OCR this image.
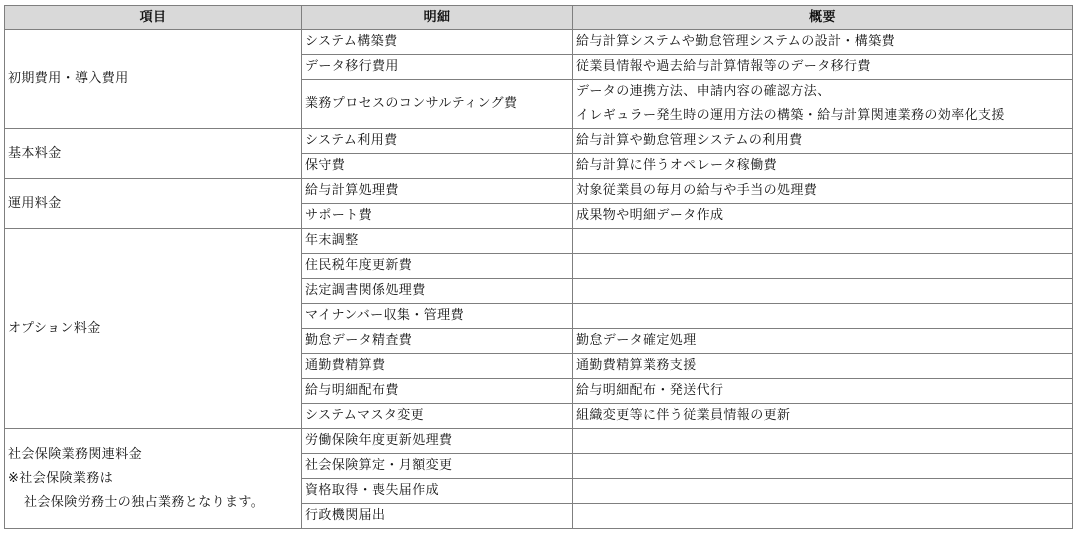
項目	明細	概要

初期費用・導入費用	システム構築費	給与計算システムや勤怠管理システムの設計・構築費

	データ移行費用	従業員情報や過去給与計算情報等のデータ移行費

	業務プロセスのコンサルティング費	データの連携方法、申請内容の確認方法、
イレギュラー発生時の運用方法の構築・給与計算関連業務の効率化支援

基本料金	システム利用費	給与計算や勤怠管理システムの利用費

	保守費	給与計算に伴うオペレータ稼働費

運用料金	給与計算処理費	対象従業員の毎月の給与や手当の処理費

	サポート費	成果物や明細データ作成

オプション料金	年末調整	

	住民税年度更新費	

	法定調書関係処理費	

	マイナンバー収集・管理費	

	勤怠データ精査費	勤怠データ確定処理

	通勤費精算費	通勤費精算業務支援

	給与明細配布費	給与明細配布・発送代行

	システムマスタ変更	組織変更等に伴う従業員情報の更新

社会保険業務関連料金
※社会保険業務は
社会保険労務士の独占業務となります。	労働保険年度更新処理費	

	社会保険算定・月額変更	

	資格取得・喪失届作成	

	行政機関届出	
